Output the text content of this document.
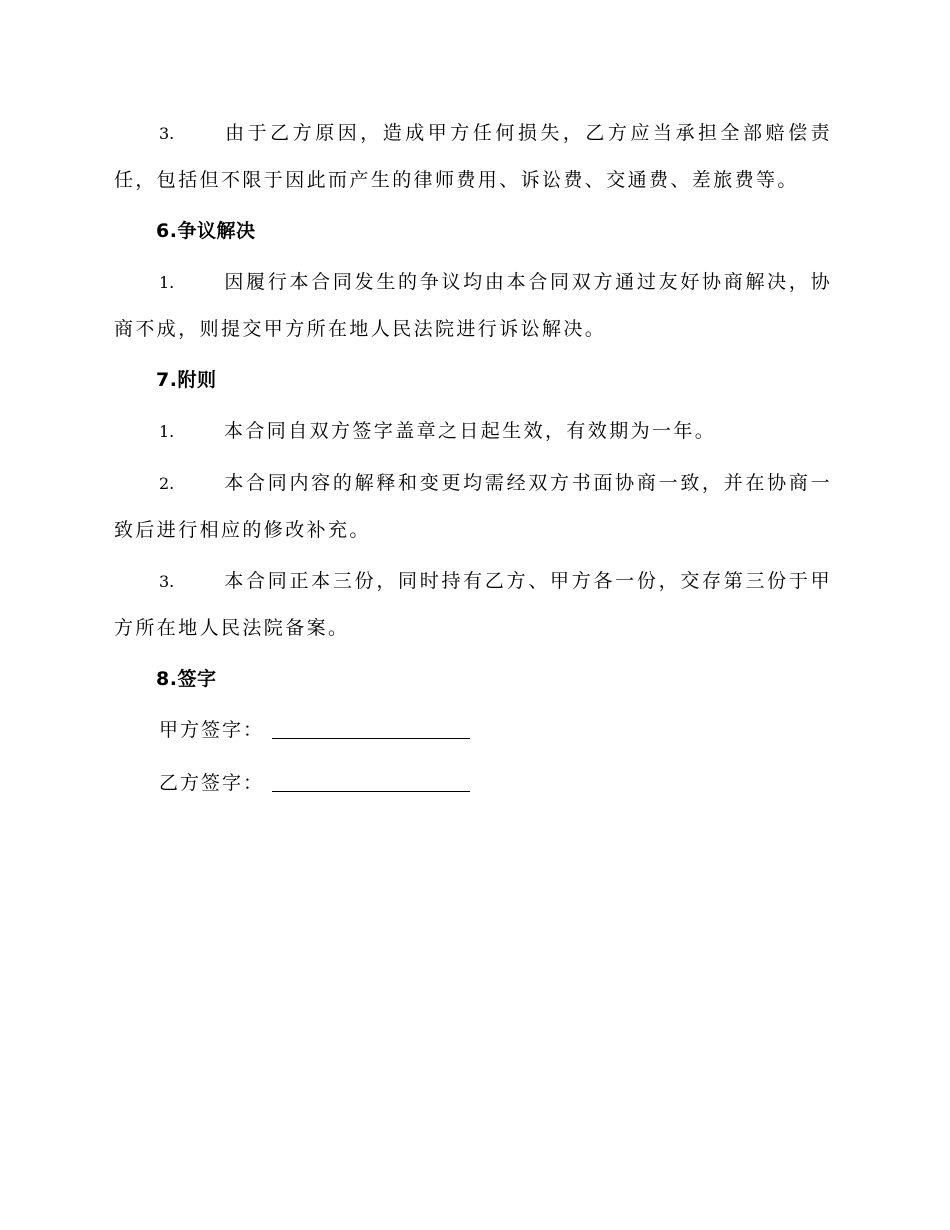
3.	由于乙方原因，造成甲方任何损失，乙方应当承担全部赔偿责任，包括但不限于因此而产生的律师费用、诉讼费、交通费、差旅费等。

6.争议解决

1.	因履行本合同发生的争议均由本合同双方通过友好协商解决，协商不成，则提交甲方所在地人民法院进行诉讼解决。

7.附则

1.	本合同自双方签字盖章之日起生效，有效期为一年。

2.	本合同内容的解释和变更均需经双方书面协商一致，并在协商一致后进行相应的修改补充。

3.	本合同正本三份，同时持有乙方、甲方各一份，交存第三份于甲方所在地人民法院备案。

8.签字

甲方签字：
乙方签字：
